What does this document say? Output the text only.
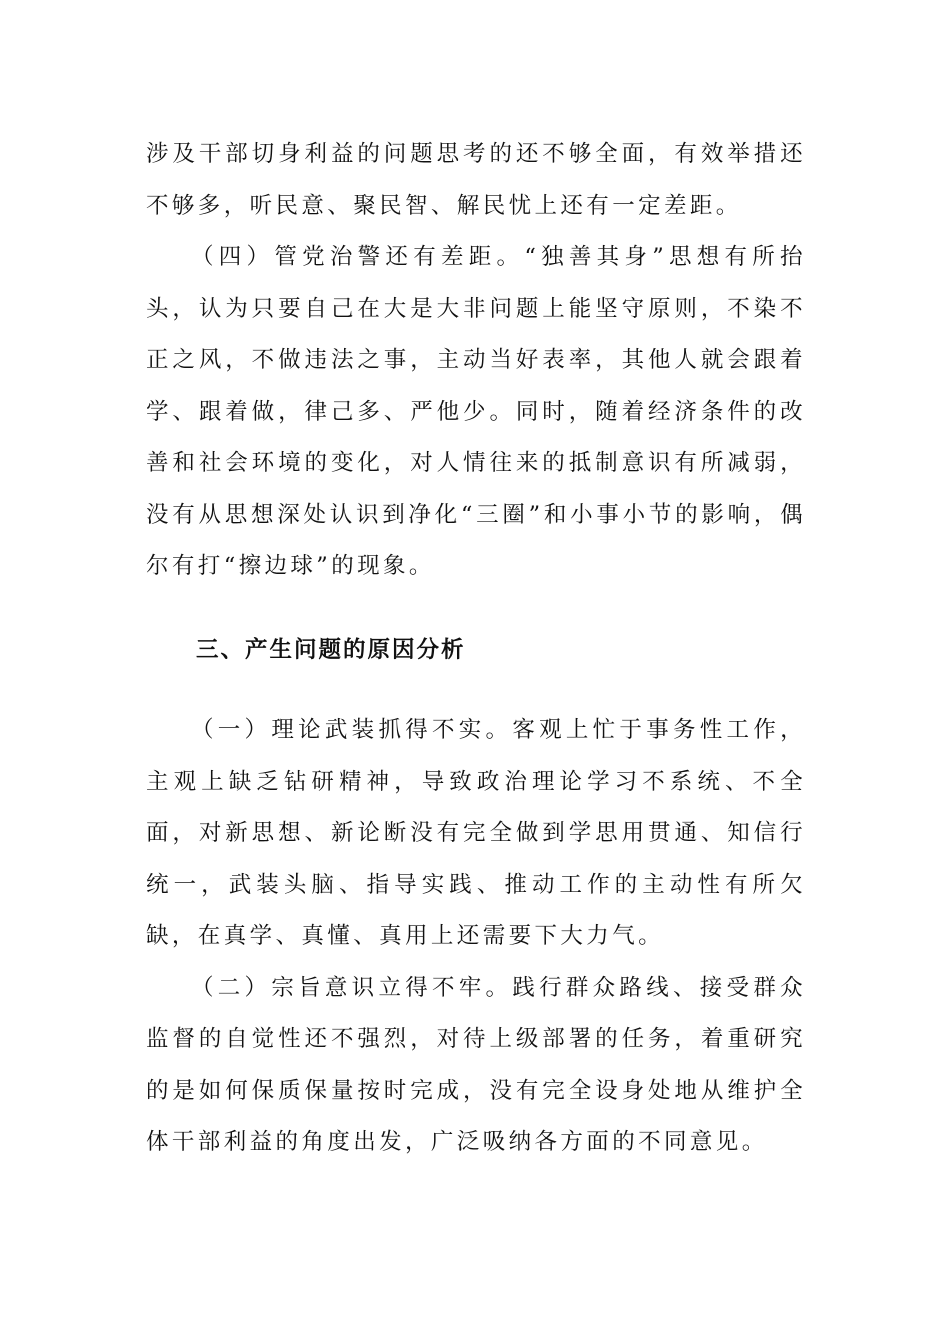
涉及干部切身利益的问题思考的还不够全面，有效举措还不够多，听民意、聚民智、解民忧上还有一定差距。

（四）管党治警还有差距。“独善其身”思想有所抬头，认为只要自己在大是大非问题上能坚守原则，不染不正之风，不做违法之事，主动当好表率，其他人就会跟着学、跟着做，律己多、严他少。同时，随着经济条件的改善和社会环境的变化，对人情往来的抵制意识有所减弱，没有从思想深处认识到净化“三圈”和小事小节的影响，偶尔有打“擦边球”的现象。

三、产生问题的原因分析

（一）理论武装抓得不实。客观上忙于事务性工作，主观上缺乏钻研精神，导致政治理论学习不系统、不全面，对新思想、新论断没有完全做到学思用贯通、知信行统一，武装头脑、指导实践、推动工作的主动性有所欠缺，在真学、真懂、真用上还需要下大力气。

（二）宗旨意识立得不牢。践行群众路线、接受群众监督的自觉性还不强烈，对待上级部署的任务，着重研究的是如何保质保量按时完成，没有完全设身处地从维护全体干部利益的角度出发，广泛吸纳各方面的不同意见。
